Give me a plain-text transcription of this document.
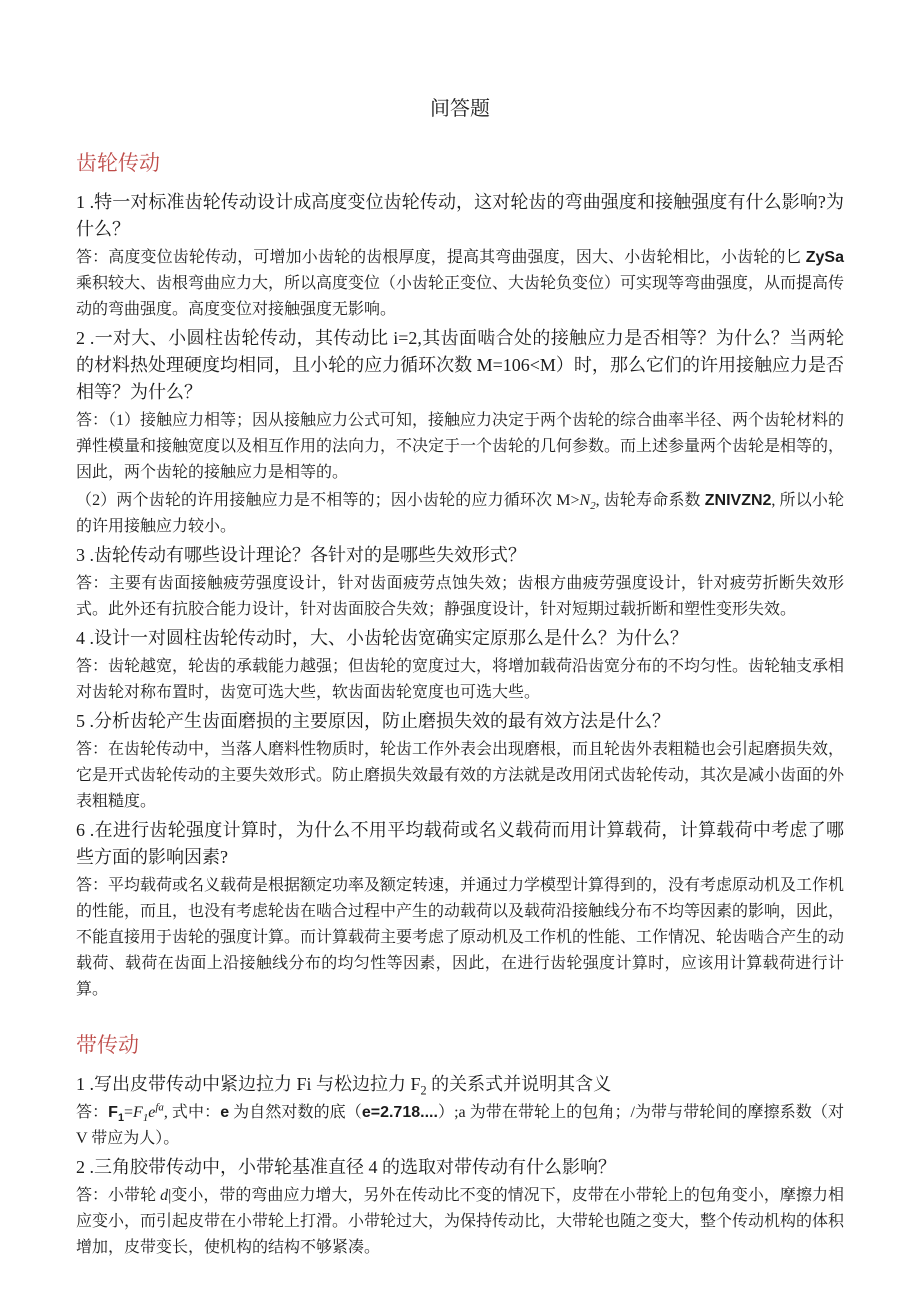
间答题
齿轮传动

1 .特一对标准齿轮传动设计成高度变位齿轮传动，这对轮齿的弯曲强度和接触强度有什么影响?为什么？

答：高度变位齿轮传动，可增加小齿轮的齿根厚度，提高其弯曲强度，因大、小齿轮相比，小齿轮的匕 ZySa乘积较大、齿根弯曲应力大，所以高度变位（小齿轮正变位、大齿轮负变位）可实现等弯曲强度，从而提高传动的弯曲强度。高度变位对接触强度无影响。

2 .一对大、小圆柱齿轮传动，其传动比 i=2,其齿面啮合处的接触应力是否相等？为什么？当两轮的材料热处理硬度均相同，且小轮的应力循环次数 M=106<M）时，那么它们的许用接触应力是否相等？为什么？

答：（1）接触应力相等；因从接触应力公式可知，接触应力决定于两个齿轮的综合曲率半径、两个齿轮材料的弹性模量和接触宽度以及相互作用的法向力，不决定于一个齿轮的几何参数。而上述参量两个齿轮是相等的，因此，两个齿轮的接触应力是相等的。

（2）两个齿轮的许用接触应力是不相等的；因小齿轮的应力循环次 $M>N_2$, 齿轮寿命系数 ZNIVZN2, 所以小轮的许用接触应力较小。

3 .齿轮传动有哪些设计理论？各针对的是哪些失效形式？

答：主要有齿面接触疲劳强度设计，针对齿面疲劳点蚀失效；齿根方曲疲劳强度设计，针对疲劳折断失效形式。此外还有抗胶合能力设计，针对齿面胶合失效；静强度设计，针对短期过载折断和塑性变形失效。

4 .设计一对圆柱齿轮传动时，大、小齿轮齿宽确实定原那么是什么？为什么？

答：齿轮越宽，轮齿的承载能力越强；但齿轮的宽度过大，将增加载荷沿齿宽分布的不均匀性。齿轮轴支承相对齿轮对称布置时，齿宽可选大些，软齿面齿轮宽度也可选大些。

5 .分析齿轮产生齿面磨损的主要原因，防止磨损失效的最有效方法是什么？

答：在齿轮传动中，当落人磨料性物质时，轮齿工作外表会出现磨根，而且轮齿外表粗糙也会引起磨损失效，它是开式齿轮传动的主要失效形式。防止磨损失效最有效的方法就是改用闭式齿轮传动，其次是减小齿面的外表粗糙度。

6 .在进行齿轮强度计算时，为什么不用平均载荷或名义载荷而用计算载荷，计算载荷中考虑了哪些方面的影响因素?

答：平均载荷或名义载荷是根据额定功率及额定转速，并通过力学模型计算得到的，没有考虑原动机及工作机的性能，而且，也没有考虑轮齿在啮合过程中产生的动载荷以及载荷沿接触线分布不均等因素的影响，因此，不能直接用于齿轮的强度计算。而计算载荷主要考虑了原动机及工作机的性能、工作情况、轮齿啮合产生的动载荷、载荷在齿面上沿接触线分布的均匀性等因素，因此，在进行齿轮强度计算时，应该用计算载荷进行计算。

带传动

1 .写出皮带传动中紧边拉力 Fi 与松边拉力 $F_2$ 的关系式并说明其含义

答：$F_1=F_1e^{fa}$, 式中：e 为自然对数的底（e=2.718....）;a 为带在带轮上的包角；/为带与带轮间的摩擦系数（对 V 带应为人）。

2 .三角胶带传动中，小带轮基准直径 4 的选取对带传动有什么影响？

答：小带轮 d|变小，带的弯曲应力增大，另外在传动比不变的情况下，皮带在小带轮上的包角变小，摩擦力相应变小，而引起皮带在小带轮上打滑。小带轮过大，为保持传动比，大带轮也随之变大，整个传动机构的体积增加，皮带变长，使机构的结构不够紧凑。
